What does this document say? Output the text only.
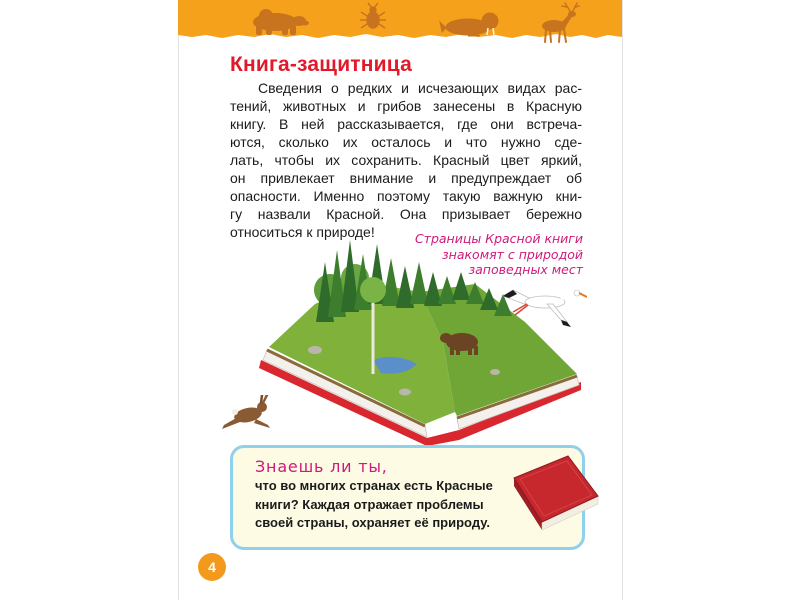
Книга-защитница
Сведения о редких и исчезающих видах рас-
тений, животных и грибов занесены в Красную
книгу. В ней рассказывается, где они встреча-
ются, сколько их осталось и что нужно сде-
лать, чтобы их сохранить. Красный цвет яркий,
он привлекает внимание и предупреждает об
опасности. Именно поэтому такую важную кни-
гу назвали Красной. Она призывает бережно
относиться к природе!	Страницы Красной книги
знакомят с природой
заповедных мест
Знаешь ли ты,
что во многих странах есть Красные
книги? Каждая отражает проблемы
своей страны, охраняет её природу.
4
